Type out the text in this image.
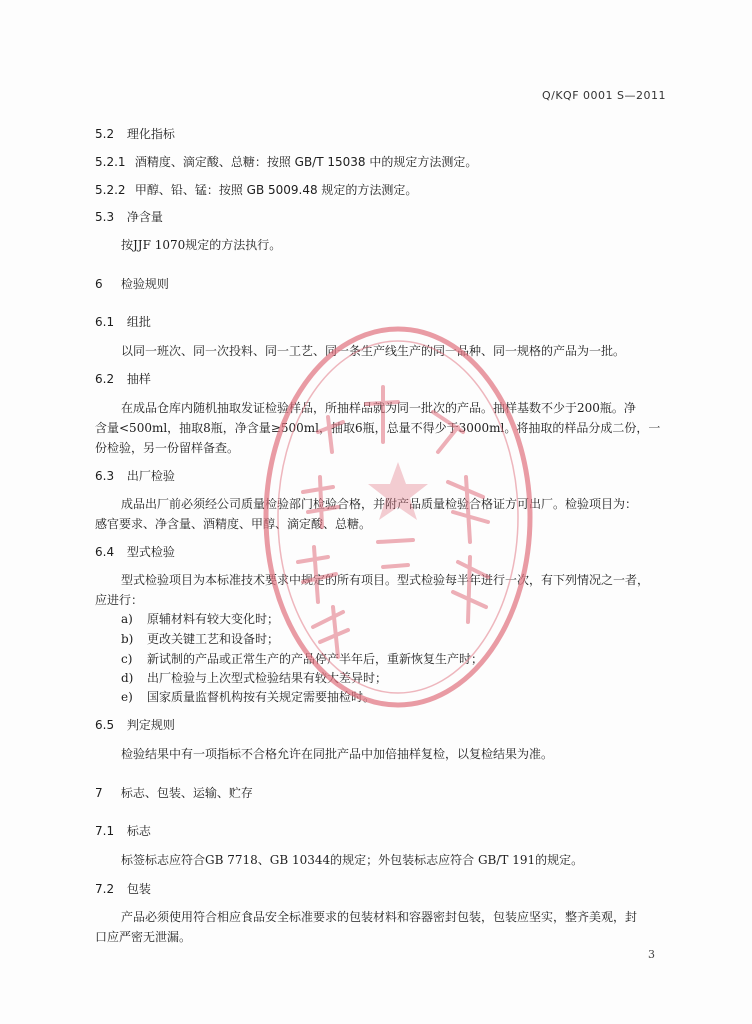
Q/KQF 0001 S—2011
5.2 理化指标
5.2.1 酒精度、滴定酸、总糖：按照 GB/T 15038 中的规定方法测定。
5.2.2 甲醇、铅、锰：按照 GB 5009.48 规定的方法测定。
5.3 净含量
按JJF 1070规定的方法执行。
6 检验规则
6.1 组批
以同一班次、同一次投料、同一工艺、同一条生产线生产的同一品种、同一规格的产品为一批。
6.2 抽样
在成品仓库内随机抽取发证检验样品，所抽样品就为同一批次的产品。抽样基数不少于200瓶。净
含量<500ml，抽取8瓶，净含量≥500ml，抽取6瓶，总量不得少于3000ml。将抽取的样品分成二份，一
份检验，另一份留样备查。
6.3 出厂检验
成品出厂前必须经公司质量检验部门检验合格，并附产品质量检验合格证方可出厂。检验项目为：
感官要求、净含量、酒精度、甲醇、滴定酸、总糖。
6.4 型式检验
型式检验项目为本标准技术要求中规定的所有项目。型式检验每半年进行一次，有下列情况之一者，
应进行：
a) 原辅材料有较大变化时；
b) 更改关键工艺和设备时；
c) 新试制的产品或正常生产的产品停产半年后，重新恢复生产时；
d) 出厂检验与上次型式检验结果有较大差异时；
e) 国家质量监督机构按有关规定需要抽检时。
6.5 判定规则
检验结果中有一项指标不合格允许在同批产品中加倍抽样复检，以复检结果为准。
7 标志、包装、运输、贮存
7.1 标志
标签标志应符合GB 7718、GB 10344的规定；外包装标志应符合 GB/T 191的规定。
7.2 包装
产品必须使用符合相应食品安全标准要求的包装材料和容器密封包装，包装应坚实，整齐美观，封
口应严密无泄漏。
3
